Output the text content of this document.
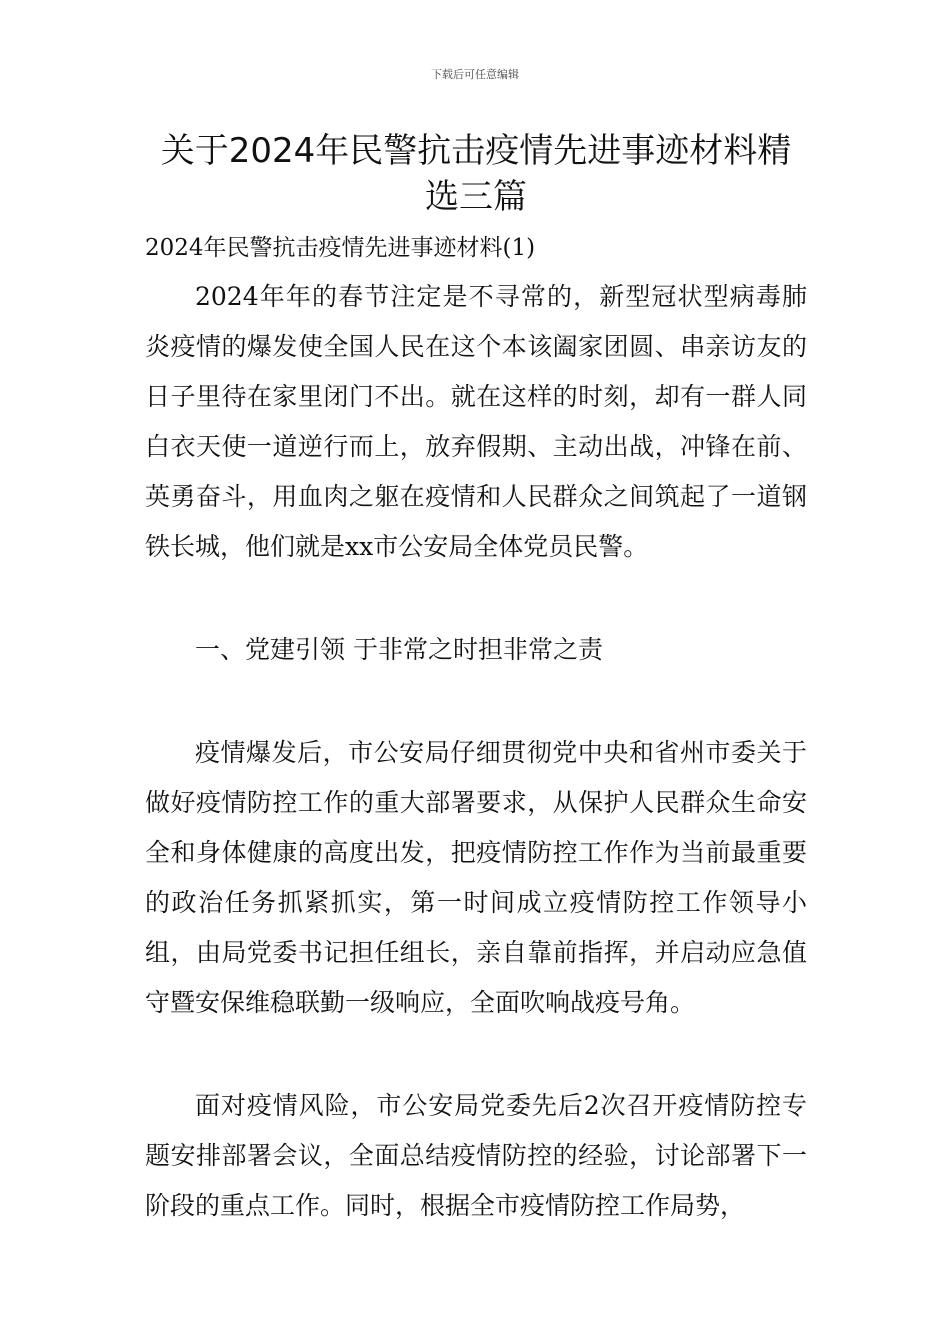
下载后可任意编辑
关于2024年民警抗击疫情先进事迹材料精选三篇

2024年民警抗击疫情先进事迹材料(1)

2024年年的春节注定是不寻常的，新型冠状型病毒肺炎疫情的爆发使全国人民在这个本该阖家团圆、串亲访友的日子里待在家里闭门不出。就在这样的时刻，却有一群人同白衣天使一道逆行而上，放弃假期、主动出战，冲锋在前、英勇奋斗，用血肉之躯在疫情和人民群众之间筑起了一道钢铁长城，他们就是xx市公安局全体党员民警。

一、党建引领 于非常之时担非常之责

疫情爆发后，市公安局仔细贯彻党中央和省州市委关于做好疫情防控工作的重大部署要求，从保护人民群众生命安全和身体健康的高度出发，把疫情防控工作作为当前最重要的政治任务抓紧抓实，第一时间成立疫情防控工作领导小组，由局党委书记担任组长，亲自靠前指挥，并启动应急值守暨安保维稳联勤一级响应，全面吹响战疫号角。

面对疫情风险，市公安局党委先后2次召开疫情防控专题安排部署会议，全面总结疫情防控的经验，讨论部署下一阶段的重点工作。同时，根据全市疫情防控工作局势，
